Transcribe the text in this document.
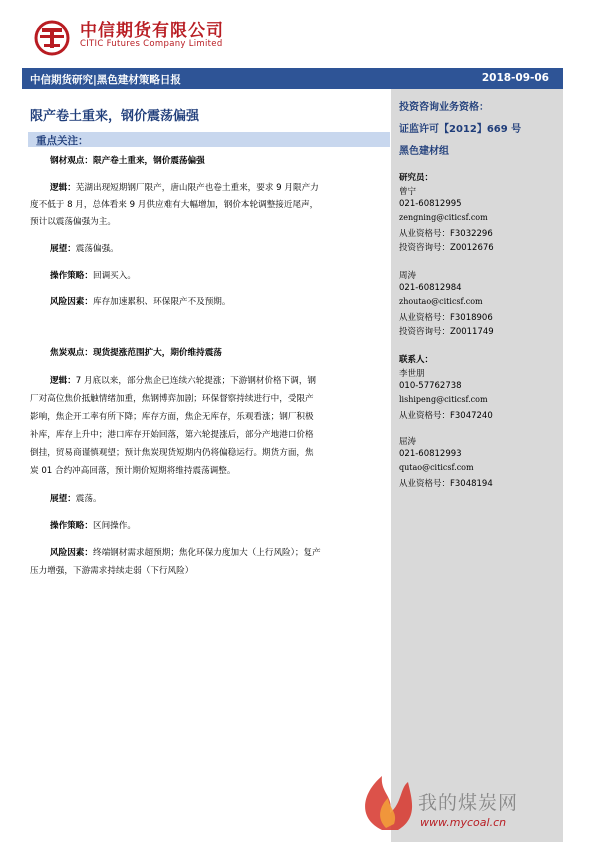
中信期货有限公司
CITIC Futures Company Limited
中信期货研究|黑色建材策略日报	2018-09-06
投资咨询业务资格：
证监许可【2012】669 号
黑色建材组
研究员：
曾宁
021-60812995
zengning@citicsf.com
从业资格号：F3032296
投资咨询号：Z0012676
周涛
021-60812984
zhoutao@citicsf.com
从业资格号：F3018906
投资咨询号：Z0011749
联系人：
李世朋
010-57762738
lishipeng@citicsf.com
从业资格号：F3047240
屈涛
021-60812993
qutao@citicsf.com
从业资格号：F3048194
限产卷土重来，钢价震荡偏强
重点关注：
钢材观点：限产卷土重来，钢价震荡偏强
逻辑：芜湖出现短期钢厂限产，唐山限产也卷土重来，要求 9 月限产力
度不低于 8 月，总体看来 9 月供应难有大幅增加，钢价本轮调整接近尾声，
预计以震荡偏强为主。
展望：震荡偏强。
操作策略：回调买入。
风险因素：库存加速累积、环保限产不及预期。
焦炭观点：现货提涨范围扩大，期价维持震荡
逻辑：7 月底以来，部分焦企已连续六轮提涨；下游钢材价格下调，钢
厂对高位焦价抵触情绪加重，焦钢博弈加剧；环保督察持续进行中，受限产
影响，焦企开工率有所下降；库存方面，焦企无库存，乐观看涨；钢厂积极
补库，库存上升中；港口库存开始回落，第六轮提涨后，部分产地港口价格
倒挂，贸易商谨慎观望；预计焦炭现货短期内仍将偏稳运行。期货方面，焦
炭 01 合约冲高回落，预计期价短期将维持震荡调整。
展望：震荡。
操作策略：区间操作。
风险因素：终端钢材需求超预期；焦化环保力度加大（上行风险）；复产
压力增强，下游需求持续走弱（下行风险）
我的煤炭网
www.mycoal.cn
